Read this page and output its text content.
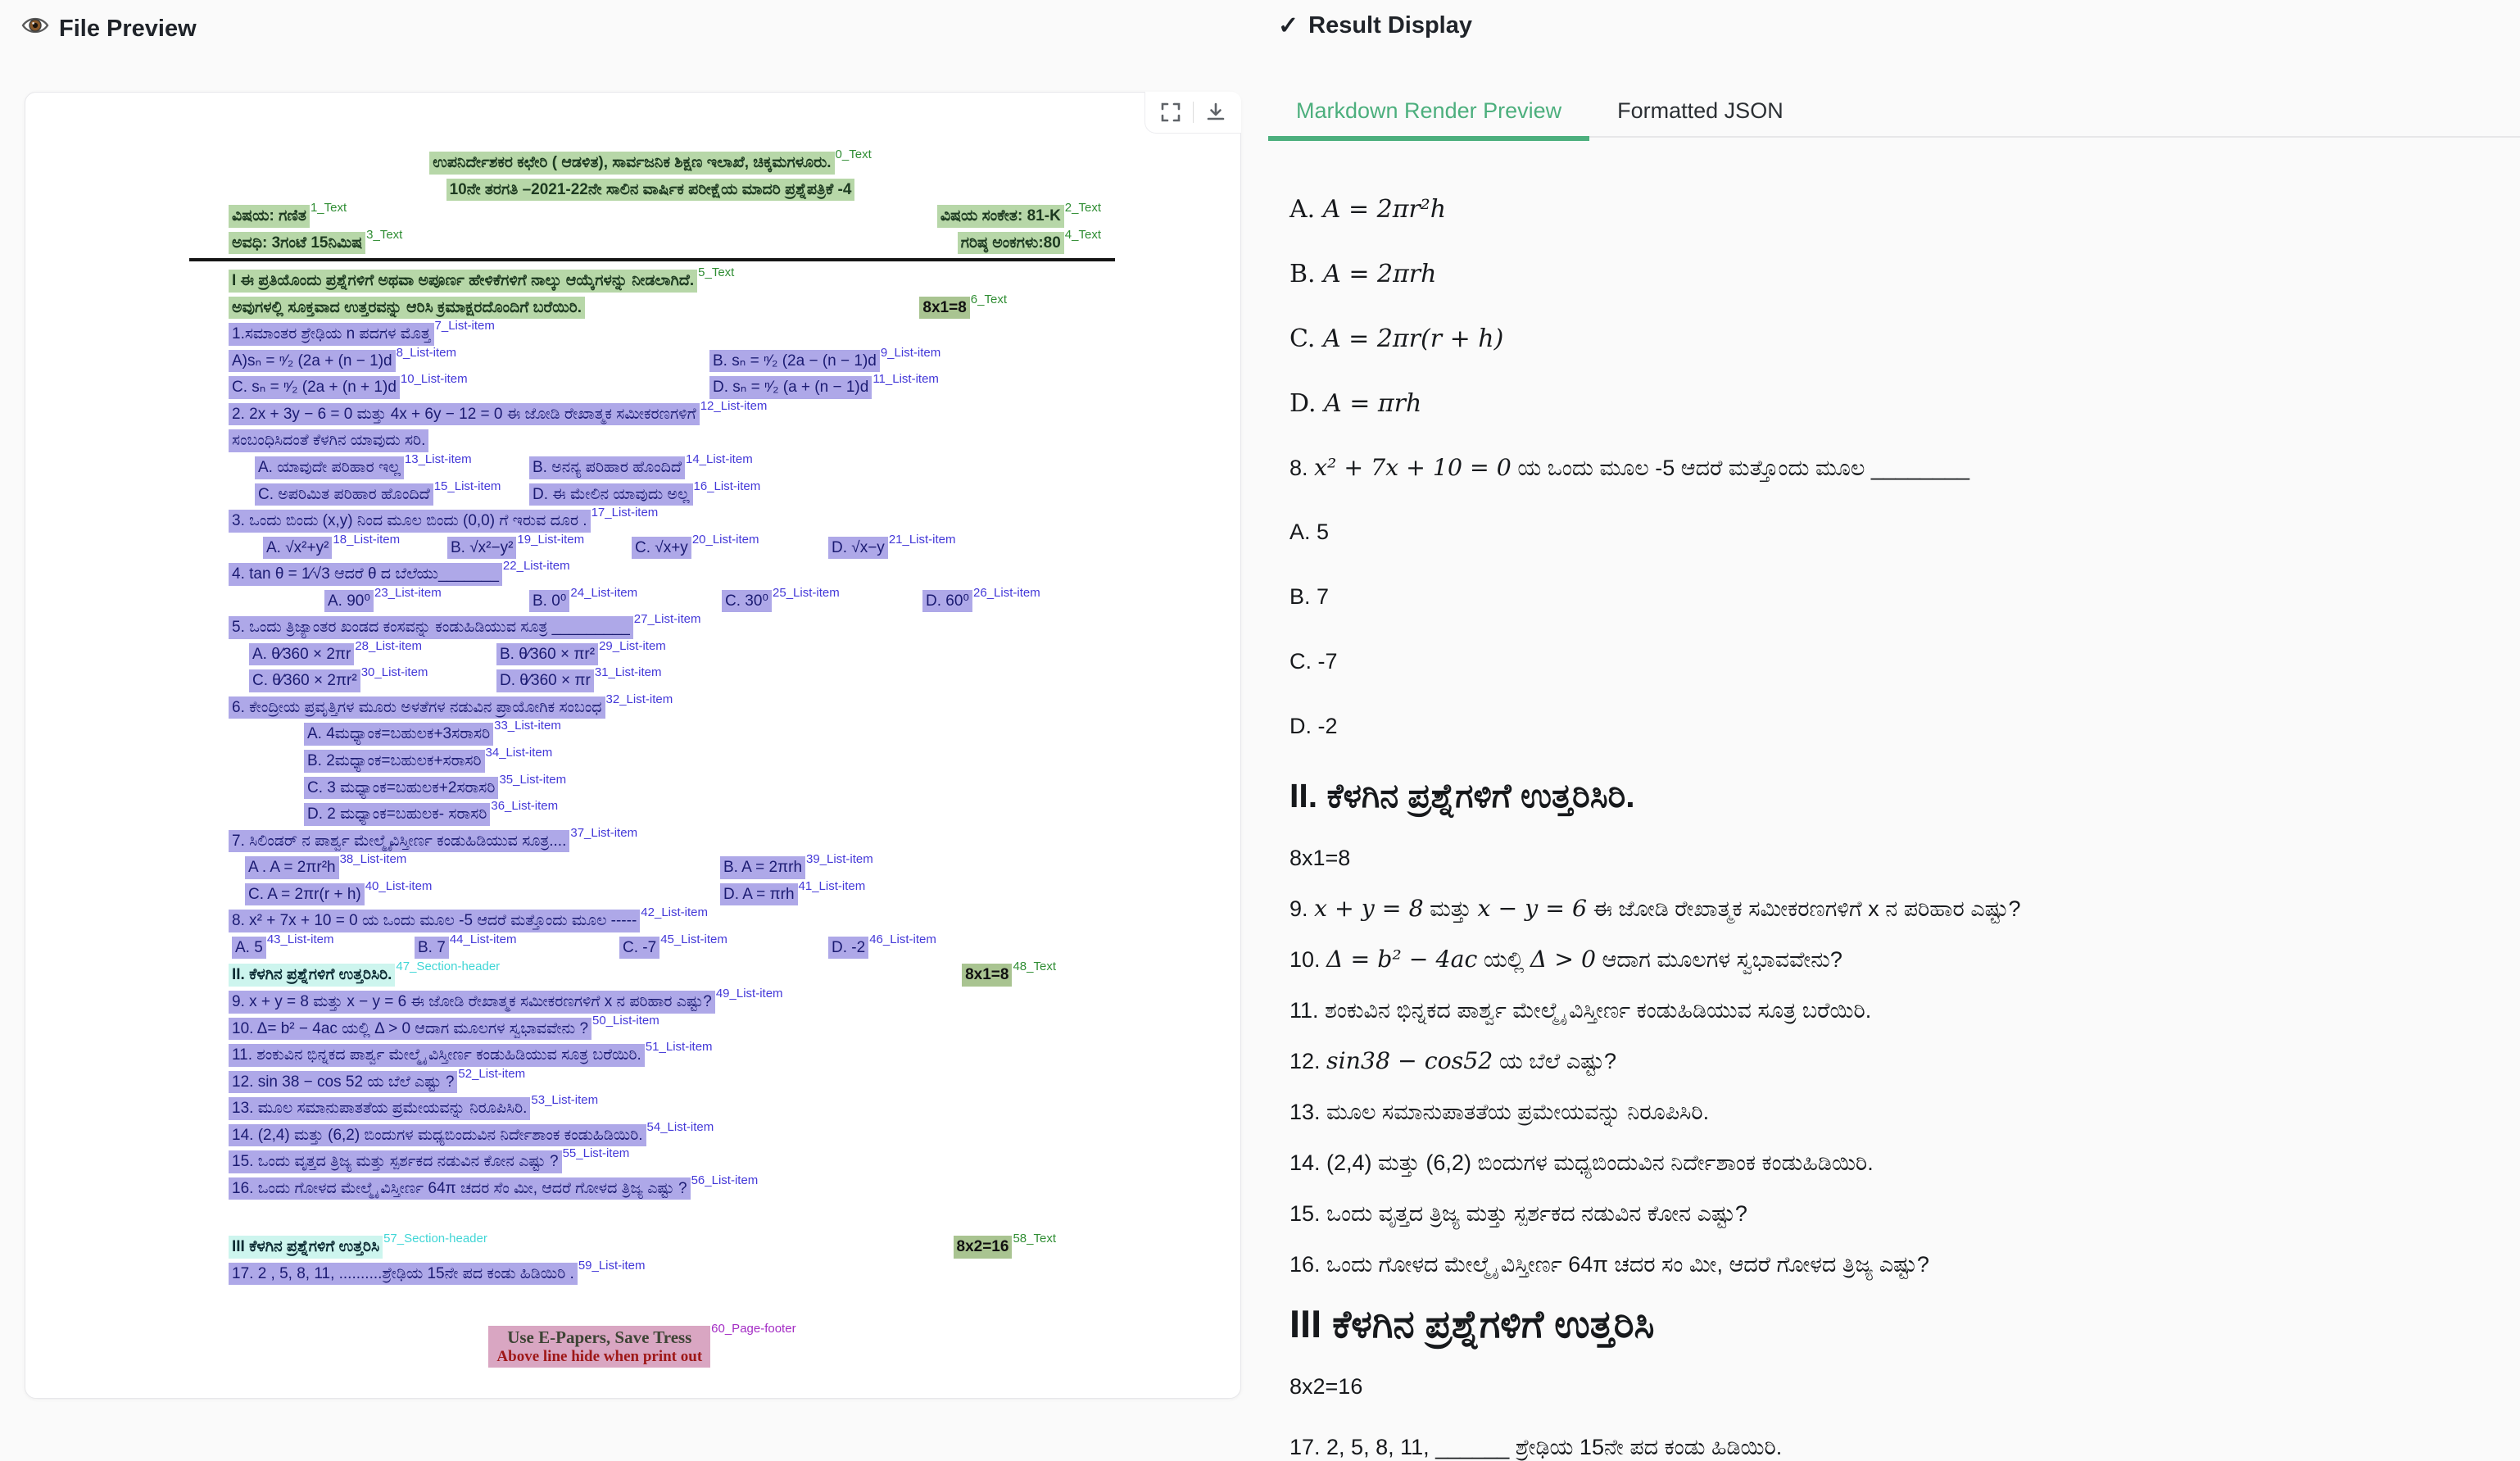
File Preview	✓ Result Display
ಉಪನಿರ್ದೇಶಕರ ಕಛೇರಿ ( ಆಡಳಿತ), ಸಾರ್ವಜನಿಕ ಶಿಕ್ಷಣ ಇಲಾಖೆ, ಚಿಕ್ಕಮಗಳೂರು. 0_Text
10ನೇ ತರಗತಿ –2021-22ನೇ ಸಾಲಿನ ವಾರ್ಷಿಕ ಪರೀಕ್ಷೆಯ ಮಾದರಿ ಪ್ರಶ್ನೆಪತ್ರಿಕೆ -4
ವಿಷಯ: ಗಣಿತ 1_Text	ವಿಷಯ ಸಂಕೇತ: 81-K 2_Text
ಅವಧಿ: 3ಗಂಟೆ 15ನಿಮಿಷ 3_Text	ಗರಿಷ್ಠ ಅಂಕಗಳು:80 4_Text
I ಈ ಪ್ರತಿಯೊಂದು ಪ್ರಶ್ನೆಗಳಿಗೆ ಅಥವಾ ಅಪೂರ್ಣ ಹೇಳಿಕೆಗಳಿಗೆ ನಾಲ್ಕು ಆಯ್ಕೆಗಳನ್ನು ನೀಡಲಾಗಿದೆ. 5_Text
ಅವುಗಳಲ್ಲಿ ಸೂಕ್ತವಾದ ಉತ್ತರವನ್ನು ಆರಿಸಿ ಕ್ರಮಾಕ್ಷರದೊಂದಿಗೆ ಬರೆಯಿರಿ.	8x1=8 6_Text
1.ಸಮಾಂತರ ಶ್ರೇಢಿಯ n ಪದಗಳ ಮೊತ್ತ 7_List-item
A)sₙ = ⁿ⁄₂ (2a + (n − 1)d 8_List-item	B. sₙ = ⁿ⁄₂ (2a − (n − 1)d 9_List-item
C. sₙ = ⁿ⁄₂ (2a + (n + 1)d 10_List-item	D. sₙ = ⁿ⁄₂ (a + (n − 1)d 11_List-item
2. 2x + 3y − 6 = 0 ಮತ್ತು 4x + 6y − 12 = 0 ಈ ಜೋಡಿ ರೇಖಾತ್ಮಕ ಸಮೀಕರಣಗಳಿಗೆ 12_List-item
ಸಂಬಂಧಿಸಿದಂತೆ ಕೆಳಗಿನ ಯಾವುದು ಸರಿ.
A. ಯಾವುದೇ ಪರಿಹಾರ ಇಲ್ಲ 13_List-item	B. ಅನನ್ಯ ಪರಿಹಾರ ಹೊಂದಿದೆ 14_List-item
C. ಅಪರಿಮಿತ ಪರಿಹಾರ ಹೊಂದಿದೆ 15_List-item D. ಈ ಮೇಲಿನ ಯಾವುದು ಅಲ್ಲ 16_List-item
3. ಒಂದು ಬಿಂದು (x,y) ನಿಂದ ಮೂಲ ಬಿಂದು (0,0) ಗೆ ಇರುವ ದೂರ . 17_List-item
A. √x²+y² 18_List-item	B. √x²−y² 19_List-item	C. √x+y 20_List-item	D. √x−y 21_List-item
4. tan θ = 1⁄√3 ಆದರೆ θ ದ ಬೆಲೆಯು_______ 22_List-item
A. 90⁰ 23_List-item	B. 0⁰ 24_List-item	C. 30⁰ 25_List-item	D. 60⁰ 26_List-item
5. ಒಂದು ತ್ರಿಜ್ಯಾಂತರ ಖಂಡದ ಕಂಸವನ್ನು ಕಂಡುಹಿಡಿಯುವ ಸೂತ್ರ _________ 27_List-item
A. θ⁄360 × 2πr 28_List-item	B. θ⁄360 × πr² 29_List-item
C. θ⁄360 × 2πr² 30_List-item	D. θ⁄360 × πr 31_List-item
6. ಕೇಂದ್ರೀಯ ಪ್ರವೃತ್ತಿಗಳ ಮೂರು ಅಳತೆಗಳ ನಡುವಿನ ಪ್ರಾಯೋಗಿಕ ಸಂಬಂಧ 32_List-item
A. 4ಮಧ್ಯಾಂಕ=ಬಹುಲಕ+3ಸರಾಸರಿ 33_List-item
B. 2ಮಧ್ಯಾಂಕ=ಬಹುಲಕ+ಸರಾಸರಿ 34_List-item
C. 3 ಮಧ್ಯಾಂಕ=ಬಹುಲಕ+2ಸರಾಸರಿ 35_List-item
D. 2 ಮಧ್ಯಾಂಕ=ಬಹುಲಕ- ಸರಾಸರಿ 36_List-item
7. ಸಿಲಿಂಡರ್ ನ ಪಾರ್ಶ್ವ ಮೇಲ್ಮೈವಿಸ್ತೀರ್ಣ ಕಂಡುಹಿಡಿಯುವ ಸೂತ್ರ.... 37_List-item
A . A = 2πr²h 38_List-item	B. A = 2πrh 39_List-item
C. A = 2πr(r + h) 40_List-item	D. A = πrh 41_List-item
8. x² + 7x + 10 = 0 ಯ ಒಂದು ಮೂಲ -5 ಆದರೆ ಮತ್ತೊಂದು ಮೂಲ ----- 42_List-item
A. 5 43_List-item	B. 7 44_List-item	C. -7 45_List-item	D. -2 46_List-item
II. ಕೆಳಗಿನ ಪ್ರಶ್ನೆಗಳಿಗೆ ಉತ್ತರಿಸಿರಿ. 47_Section-header	8x1=8 48_Text
9. x + y = 8 ಮತ್ತು x − y = 6 ಈ ಜೋಡಿ ರೇಖಾತ್ಮಕ ಸಮೀಕರಣಗಳಿಗೆ x ನ ಪರಿಹಾರ ಎಷ್ಟು? 49_List-item
10. Δ= b² − 4ac ಯಲ್ಲಿ Δ > 0 ಆದಾಗ ಮೂಲಗಳ ಸ್ವಭಾವವೇನು ? 50_List-item
11. ಶಂಕುವಿನ ಭಿನ್ನಕದ ಪಾರ್ಶ್ವ ಮೇಲ್ಮೈ ವಿಸ್ತೀರ್ಣ ಕಂಡುಹಿಡಿಯುವ ಸೂತ್ರ ಬರೆಯಿರಿ. 51_List-item
12. sin 38 − cos 52 ಯ ಬೆಲೆ ಎಷ್ಟು ? 52_List-item
13. ಮೂಲ ಸಮಾನುಪಾತತೆಯ ಪ್ರಮೇಯವನ್ನು ನಿರೂಪಿಸಿರಿ. 53_List-item
14. (2,4) ಮತ್ತು (6,2) ಬಿಂದುಗಳ ಮಧ್ಯಬಿಂದುವಿನ ನಿರ್ದೇಶಾಂಕ ಕಂಡುಹಿಡಿಯಿರಿ. 54_List-item
15. ಒಂದು ವೃತ್ತದ ತ್ರಿಜ್ಯ ಮತ್ತು ಸ್ಪರ್ಶಕದ ನಡುವಿನ ಕೋನ ಎಷ್ಟು ? 55_List-item
16. ಒಂದು ಗೋಳದ ಮೇಲ್ಮೈ ವಿಸ್ತೀರ್ಣ 64π ಚದರ ಸೆಂ ಮೀ, ಆದರೆ ಗೋಳದ ತ್ರಿಜ್ಯ ಎಷ್ಟು ? 56_List-item
III ಕೆಳಗಿನ ಪ್ರಶ್ನೆಗಳಿಗೆ ಉತ್ತರಿಸಿ 57_Section-header	8x2=16 58_Text
17. 2 , 5, 8, 11, ..........ಶ್ರೇಢಿಯ 15ನೇ ಪದ ಕಂಡು ಹಿಡಿಯಿರಿ . 59_List-item
Use E-Papers, Save Tress
Above line hide when print out
60_Page-footer
Markdown Render Preview	Formatted JSON
A. A = 2πr²h
B. A = 2πrh
C. A = 2πr(r + h)
D. A = πrh
8. x² + 7x + 10 = 0 ಯ ಒಂದು ಮೂಲ -5 ಆದರೆ ಮತ್ತೊಂದು ಮೂಲ ________
A. 5
B. 7
C. -7
D. -2
II. ಕೆಳಗಿನ ಪ್ರಶ್ನೆಗಳಿಗೆ ಉತ್ತರಿಸಿರಿ.
8x1=8
9. x + y = 8 ಮತ್ತು x − y = 6 ಈ ಜೋಡಿ ರೇಖಾತ್ಮಕ ಸಮೀಕರಣಗಳಿಗೆ x ನ ಪರಿಹಾರ ಎಷ್ಟು?
10. Δ = b² − 4ac ಯಲ್ಲಿ Δ > 0 ಆದಾಗ ಮೂಲಗಳ ಸ್ವಭಾವವೇನು?
11. ಶಂಕುವಿನ ಭಿನ್ನಕದ ಪಾರ್ಶ್ವ ಮೇಲ್ಮೈ ವಿಸ್ತೀರ್ಣ ಕಂಡುಹಿಡಿಯುವ ಸೂತ್ರ ಬರೆಯಿರಿ.
12. sin38 − cos52 ಯ ಬೆಲೆ ಎಷ್ಟು?
13. ಮೂಲ ಸಮಾನುಪಾತತೆಯ ಪ್ರಮೇಯವನ್ನು ನಿರೂಪಿಸಿರಿ.
14. (2,4) ಮತ್ತು (6,2) ಬಿಂದುಗಳ ಮಧ್ಯಬಿಂದುವಿನ ನಿರ್ದೇಶಾಂಕ ಕಂಡುಹಿಡಿಯಿರಿ.
15. ಒಂದು ವೃತ್ತದ ತ್ರಿಜ್ಯ ಮತ್ತು ಸ್ಪರ್ಶಕದ ನಡುವಿನ ಕೋನ ಎಷ್ಟು?
16. ಒಂದು ಗೋಳದ ಮೇಲ್ಮೈ ವಿಸ್ತೀರ್ಣ 64π ಚದರ ಸಂ ಮೀ, ಆದರೆ ಗೋಳದ ತ್ರಿಜ್ಯ ಎಷ್ಟು?
III ಕೆಳಗಿನ ಪ್ರಶ್ನೆಗಳಿಗೆ ಉತ್ತರಿಸಿ
8x2=16
17. 2, 5, 8, 11, ______ ಶ್ರೇಢಿಯ 15ನೇ ಪದ ಕಂಡು ಹಿಡಿಯಿರಿ.
